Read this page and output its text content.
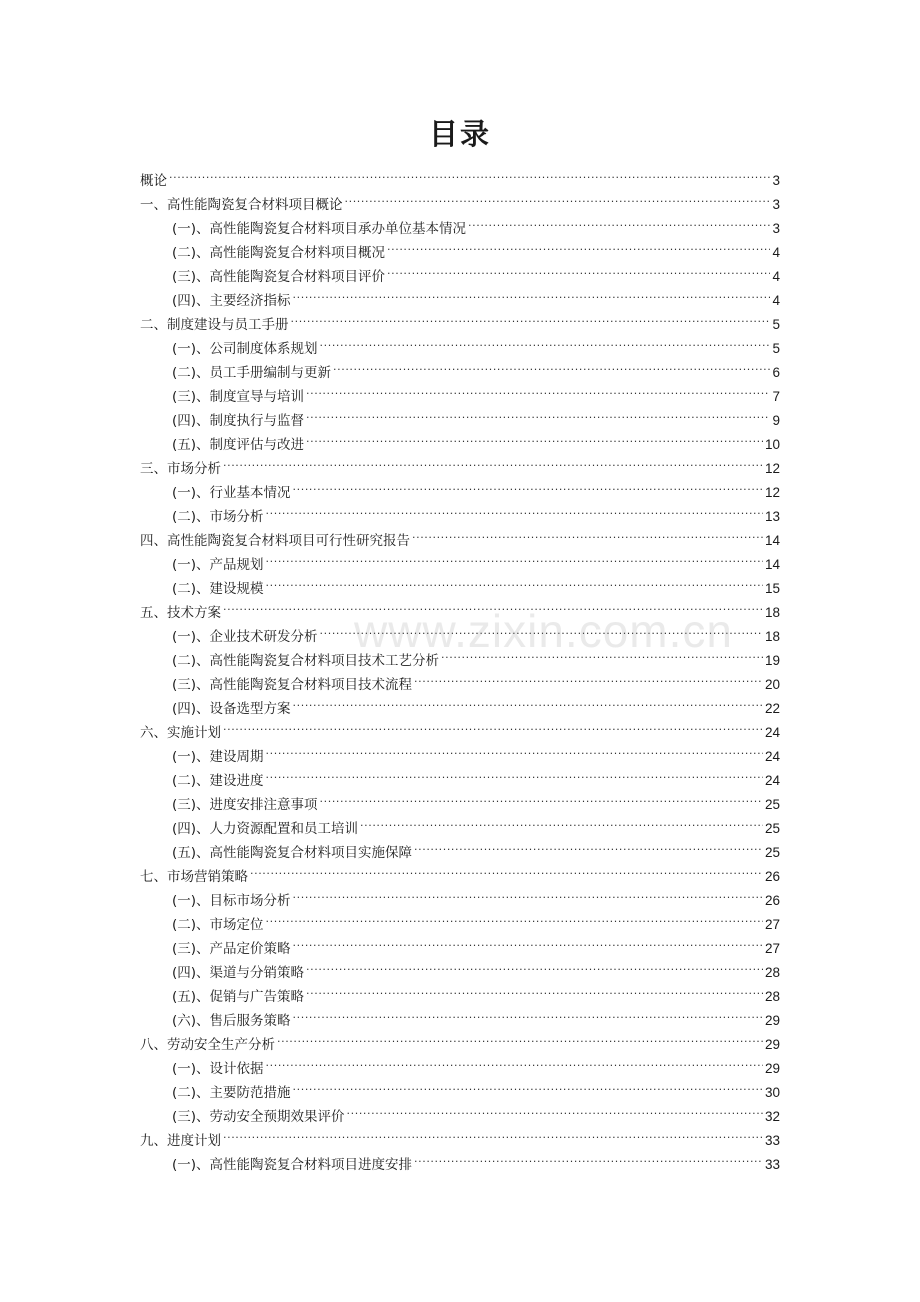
目录
概论 .....	3
一、高性能陶瓷复合材料项目概论 .....	3
(一)、高性能陶瓷复合材料项目承办单位基本情况 .....	3
(二)、高性能陶瓷复合材料项目概况 .....	4
(三)、高性能陶瓷复合材料项目评价 .....	4
(四)、主要经济指标 .....	4
二、制度建设与员工手册 .....	5
(一)、公司制度体系规划 .....	5
(二)、员工手册编制与更新 .....	6
(三)、制度宣导与培训 .....	7
(四)、制度执行与监督 .....	9
(五)、制度评估与改进 .....	10
三、市场分析 .....	12
(一)、行业基本情况 .....	12
(二)、市场分析 .....	13
四、高性能陶瓷复合材料项目可行性研究报告 .....	14
(一)、产品规划 .....	14
(二)、建设规模 .....	15
五、技术方案 .....	18
(一)、企业技术研发分析 .....	18
(二)、高性能陶瓷复合材料项目技术工艺分析 .....	19
(三)、高性能陶瓷复合材料项目技术流程 .....	20
(四)、设备选型方案 .....	22
六、实施计划 .....	24
(一)、建设周期 .....	24
(二)、建设进度 .....	24
(三)、进度安排注意事项 .....	25
(四)、人力资源配置和员工培训 .....	25
(五)、高性能陶瓷复合材料项目实施保障 .....	25
七、市场营销策略 .....	26
(一)、目标市场分析 .....	26
(二)、市场定位 .....	27
(三)、产品定价策略 .....	27
(四)、渠道与分销策略 .....	28
(五)、促销与广告策略 .....	28
(六)、售后服务策略 .....	29
八、劳动安全生产分析 .....	29
(一)、设计依据 .....	29
(二)、主要防范措施 .....	30
(三)、劳动安全预期效果评价 .....	32
九、进度计划 .....	33
(一)、高性能陶瓷复合材料项目进度安排 .....	33
www.zixin.com.cn
